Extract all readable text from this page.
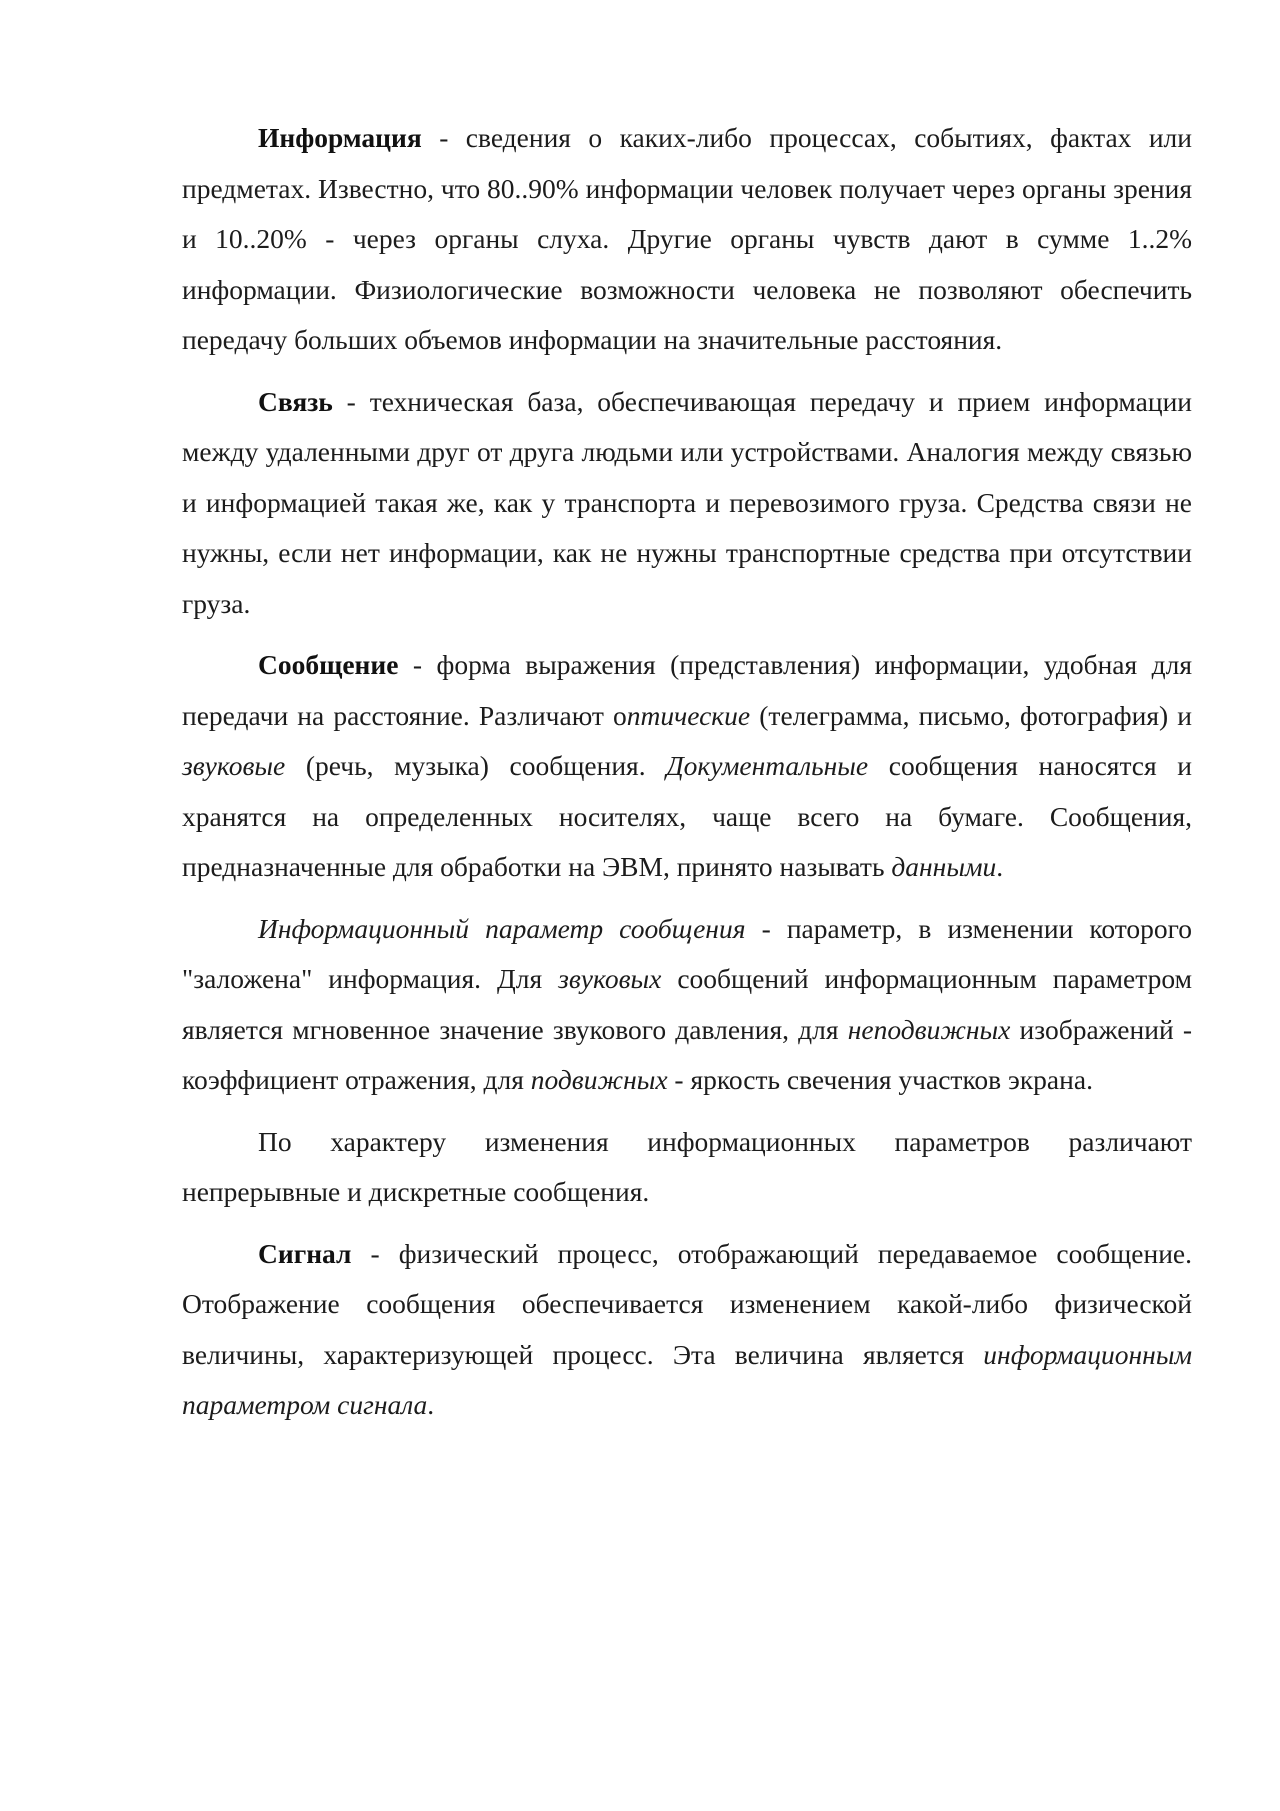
Информация - сведения о каких-либо процессах, событиях, фактах или предметах. Известно, что 80..90% информации человек получает через органы зрения и 10..20% - через органы слуха. Другие органы чувств дают в сумме 1..2% информации. Физиологические возможности человека не позволяют обеспечить передачу больших объемов информации на значительные расстояния.

Связь - техническая база, обеспечивающая передачу и прием информации между удаленными друг от друга людьми или устройствами. Аналогия между связью и информацией такая же, как у транспорта и перевозимого груза. Средства связи не нужны, если нет информации, как не нужны транспортные средства при отсутствии груза.

Сообщение - форма выражения (представления) информации, удобная для передачи на расстояние. Различают оптические (телеграмма, письмо, фотография) и звуковые (речь, музыка) сообщения. Документальные сообщения наносятся и хранятся на определенных носителях, чаще всего на бумаге. Сообщения, предназначенные для обработки на ЭВМ, принято называть данными.

Информационный параметр сообщения - параметр, в изменении которого "заложена" информация. Для звуковых сообщений информационным параметром является мгновенное значение звукового давления, для неподвижных изображений - коэффициент отражения, для подвижных - яркость свечения участков экрана.

По характеру изменения информационных параметров различают непрерывные и дискретные сообщения.

Сигнал - физический процесс, отображающий передаваемое сообщение. Отображение сообщения обеспечивается изменением какой-либо физической величины, характеризующей процесс. Эта величина является информационным параметром сигнала.
